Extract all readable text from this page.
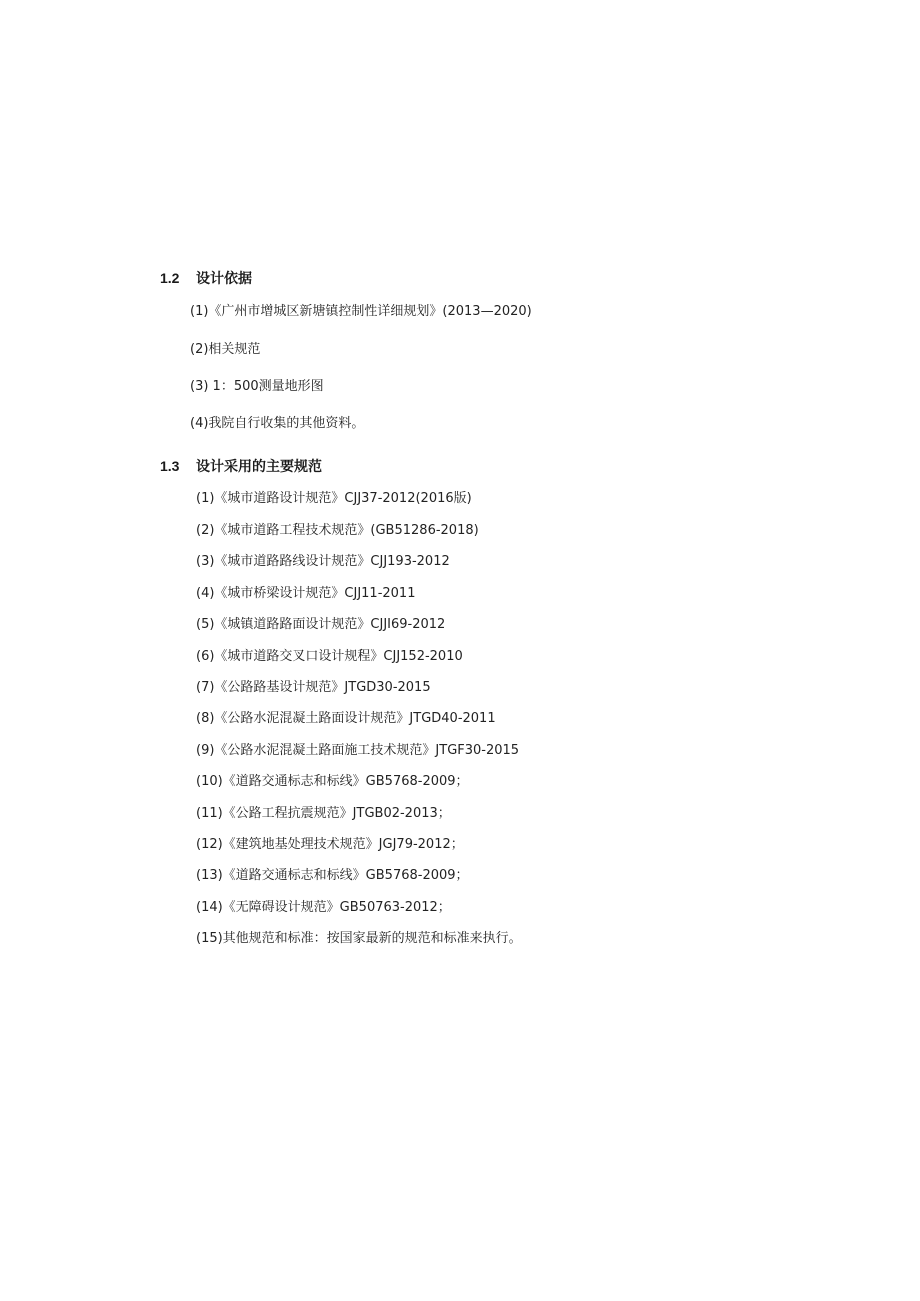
1.2 设计依据
(1)《广州市增城区新塘镇控制性详细规划》(2013—2020)
(2)相关规范
(3) 1：500测量地形图
(4)我院自行收集的其他资料。
1.3 设计采用的主要规范
(1)《城市道路设计规范》CJJ37-2012(2016版)
(2)《城市道路工程技术规范》(GB51286-2018)
(3)《城市道路路线设计规范》CJJ193-2012
(4)《城市桥梁设计规范》CJJ11-2011
(5)《城镇道路路面设计规范》CJJI69-2012
(6)《城市道路交叉口设计规程》CJJ152-2010
(7)《公路路基设计规范》JTGD30-2015
(8)《公路水泥混凝土路面设计规范》JTGD40-2011
(9)《公路水泥混凝土路面施工技术规范》JTGF30-2015
(10)《道路交通标志和标线》GB5768-2009；
(11)《公路工程抗震规范》JTGB02-2013；
(12)《建筑地基处理技术规范》JGJ79-2012；
(13)《道路交通标志和标线》GB5768-2009；
(14)《无障碍设计规范》GB50763-2012；
(15)其他规范和标准：按国家最新的规范和标准来执行。
